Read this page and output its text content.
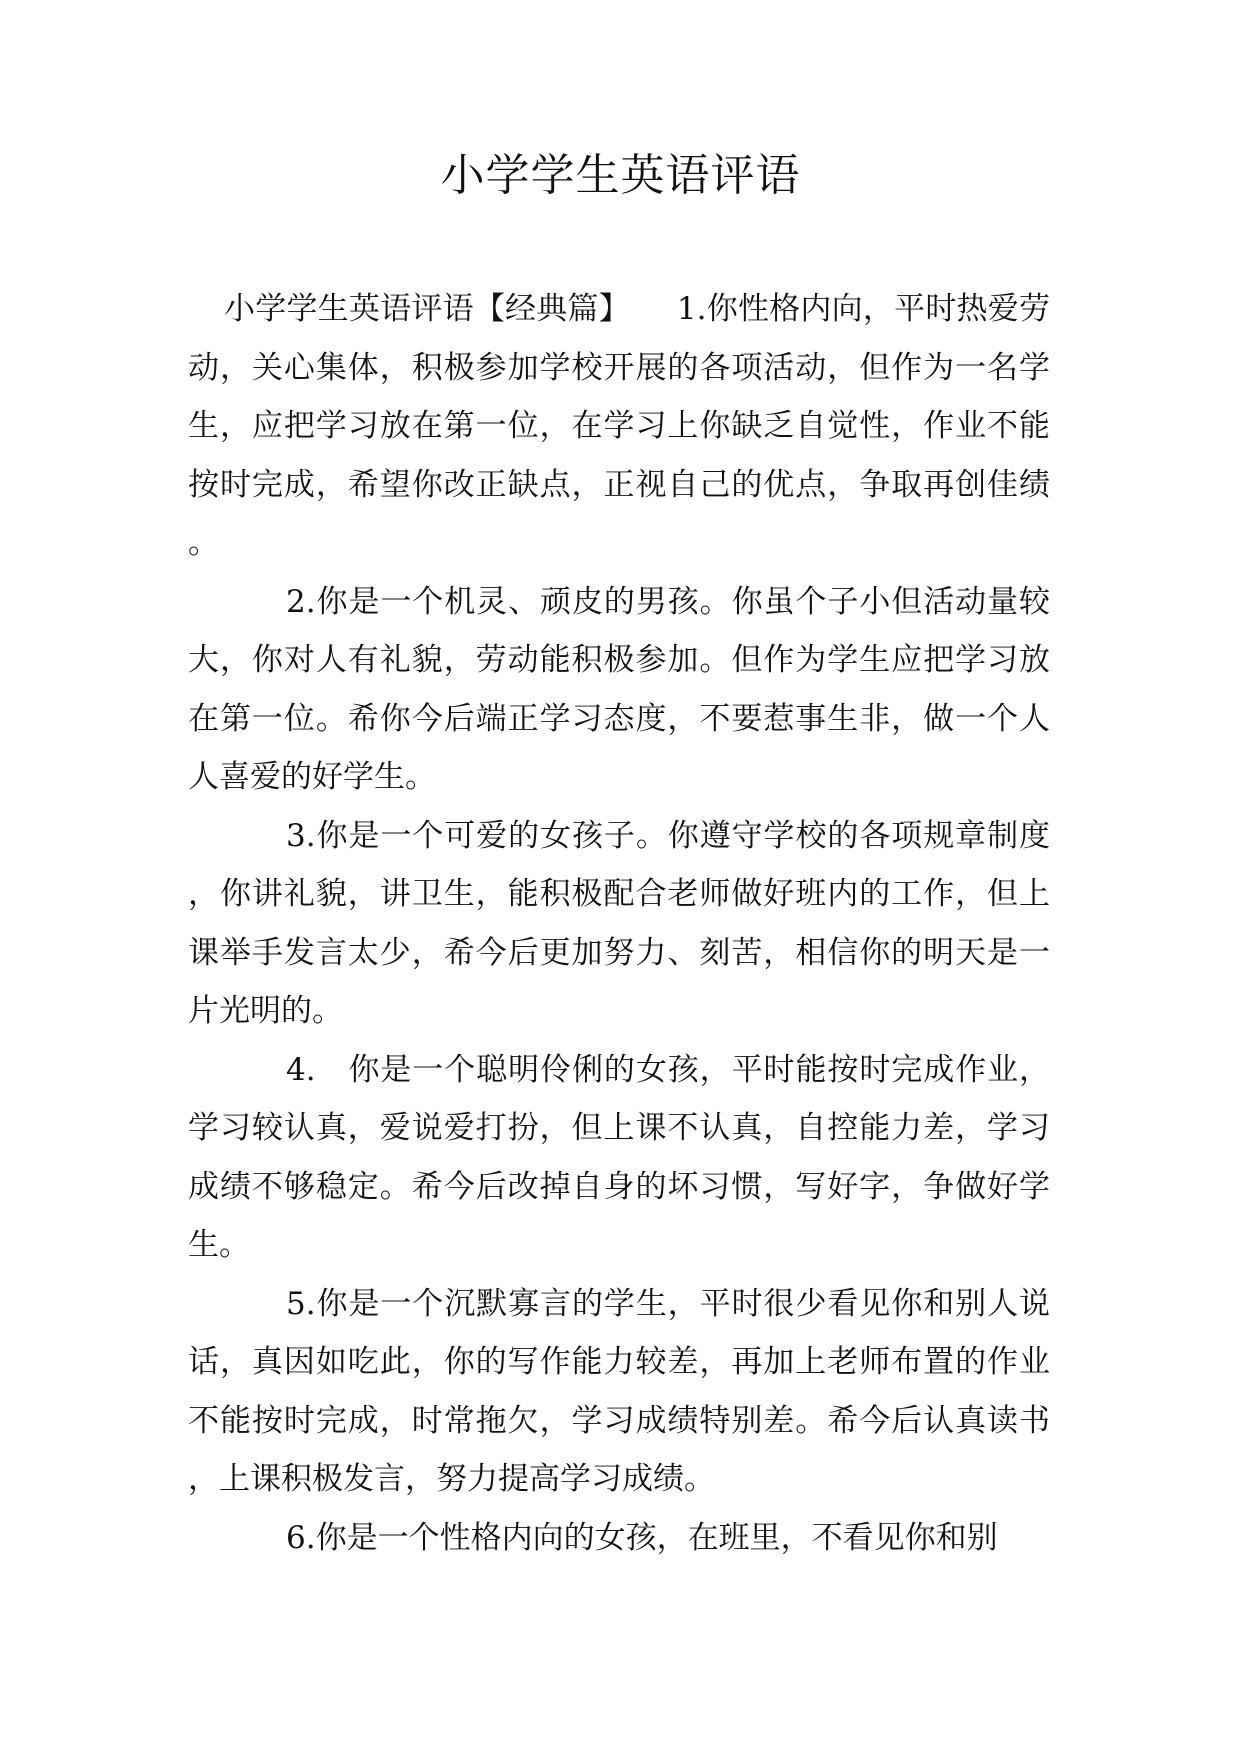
小学学生英语评语

小学学生英语评语【经典篇】　　1.你性格内向，平时热爱劳动，关心集体，积极参加学校开展的各项活动，但作为一名学生，应把学习放在第一位，在学习上你缺乏自觉性，作业不能按时完成，希望你改正缺点，正视自己的优点，争取再创佳绩。

2.你是一个机灵、顽皮的男孩。你虽个子小但活动量较大，你对人有礼貌，劳动能积极参加。但作为学生应把学习放在第一位。希你今后端正学习态度，不要惹事生非，做一个人人喜爱的好学生。

3.你是一个可爱的女孩子。你遵守学校的各项规章制度，你讲礼貌，讲卫生，能积极配合老师做好班内的工作，但上课举手发言太少，希今后更加努力、刻苦，相信你的明天是一片光明的。

4.　你是一个聪明伶俐的女孩，平时能按时完成作业，学习较认真，爱说爱打扮，但上课不认真，自控能力差，学习成绩不够稳定。希今后改掉自身的坏习惯，写好字，争做好学生。

5.你是一个沉默寡言的学生，平时很少看见你和别人说话，真因如吃此，你的写作能力较差，再加上老师布置的作业不能按时完成，时常拖欠，学习成绩特别差。希今后认真读书，上课积极发言，努力提高学习成绩。

6.你是一个性格内向的女孩，在班里，不看见你和别
